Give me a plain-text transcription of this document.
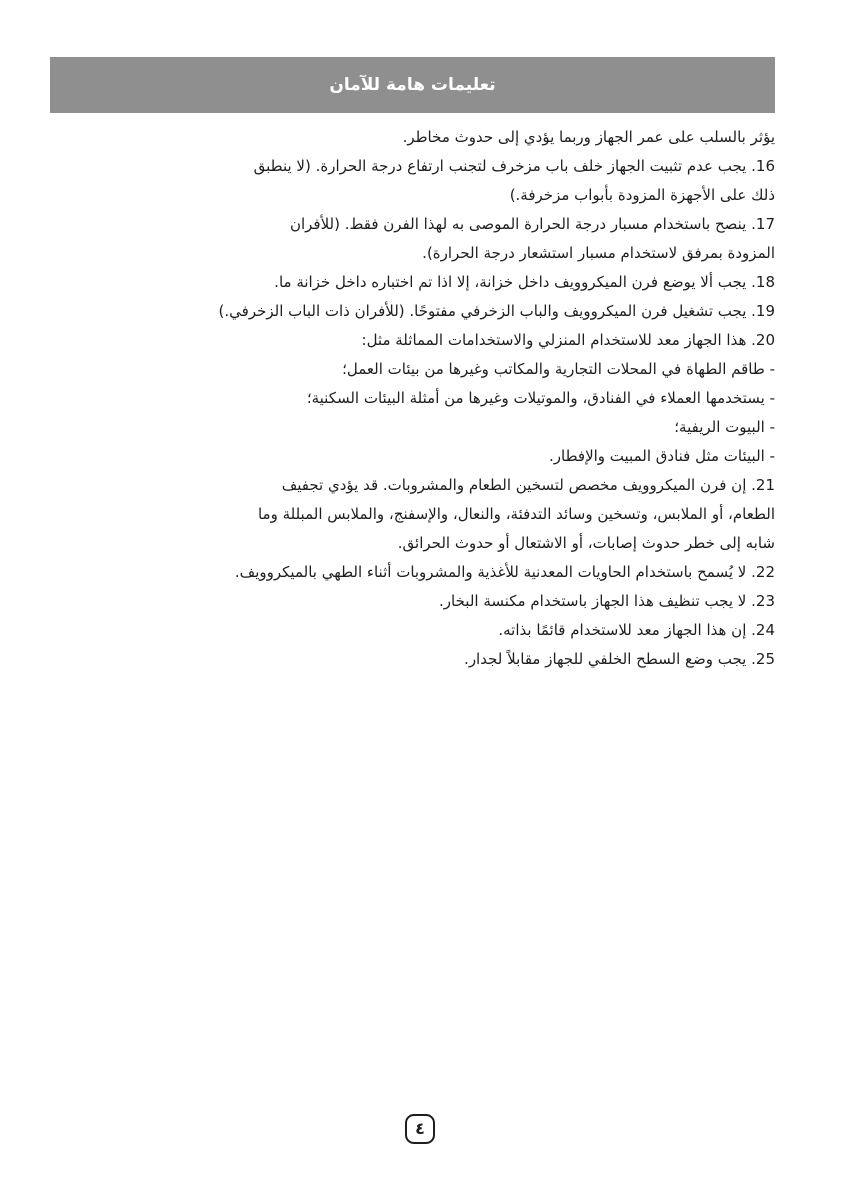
تعليمات هامة للآمان

يؤثر بالسلب على عمر الجهاز وربما يؤدي إلى حدوث مخاطر.

16. يجب عدم تثبيت الجهاز خلف باب مزخرف لتجنب ارتفاع درجة الحرارة. (لا ينطبق

ذلك على الأجهزة المزودة بأبواب مزخرفة.)

17. ينصح باستخدام مسبار درجة الحرارة الموصى به لهذا الفرن فقط. (للأفران

المزودة بمرفق لاستخدام مسبار استشعار درجة الحرارة).

18. يجب ألا يوضع فرن الميكروويف داخل خزانة، إلا اذا تم اختباره داخل خزانة ما.

19. يجب تشغيل فرن الميكروويف والباب الزخرفي مفتوحًا. (للأفران ذات الباب الزخرفي.)

20. هذا الجهاز معد للاستخدام المنزلي والاستخدامات المماثلة مثل:

- طاقم الطهاة في المحلات التجارية والمكاتب وغيرها من بيئات العمل؛

- يستخدمها العملاء في الفنادق، والموتيلات وغيرها من أمثلة البيئات السكنية؛

- البيوت الريفية؛

- البيئات مثل فنادق المبيت والإفطار.

21. إن فرن الميكروويف مخصص لتسخين الطعام والمشروبات. قد يؤدي تجفيف

الطعام، أو الملابس، وتسخين وسائد التدفئة، والنعال، والإسفنج، والملابس المبللة وما

شابه إلى خطر حدوث إصابات، أو الاشتعال أو حدوث الحرائق.

22. لا يُسمح باستخدام الحاويات المعدنية للأغذية والمشروبات أثناء الطهي بالميكروويف.

23. لا يجب تنظيف هذا الجهاز باستخدام مكنسة البخار.

24. إن هذا الجهاز معد للاستخدام قائمًا بذاته.

25. يجب وضع السطح الخلفي للجهاز مقابلاً لجدار.

٤
